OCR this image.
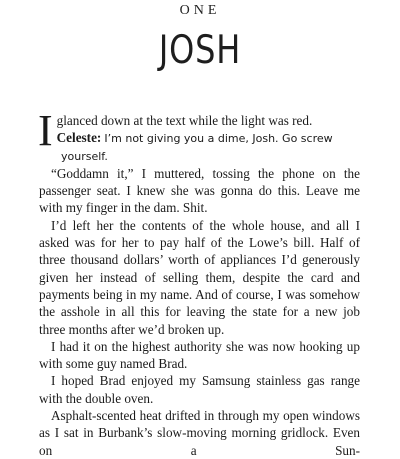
ONE
JOSH

Iglanced down at the text while the light was red.

Celeste: I’m not giving you a dime, Josh. Go screw
yourself.

“Goddamn it,” I muttered, tossing the phone on the passenger seat. I knew she was gonna do this. Leave me with my finger in the dam. Shit.

I’d left her the contents of the whole house, and all I asked was for her to pay half of the Lowe’s bill. Half of three thousand dollars’ worth of appliances I’d generously given her instead of selling them, despite the card and payments being in my name. And of course, I was somehow the asshole in all this for leaving the state for a new job three months after we’d broken up.

I had it on the highest authority she was now hooking up with some guy named Brad.

I hoped Brad enjoyed my Samsung stainless gas range with the double oven.

Asphalt-scented heat drifted in through my open windows as I sat in Burbank’s slow-moving morning gridlock. Even on a Sun-
